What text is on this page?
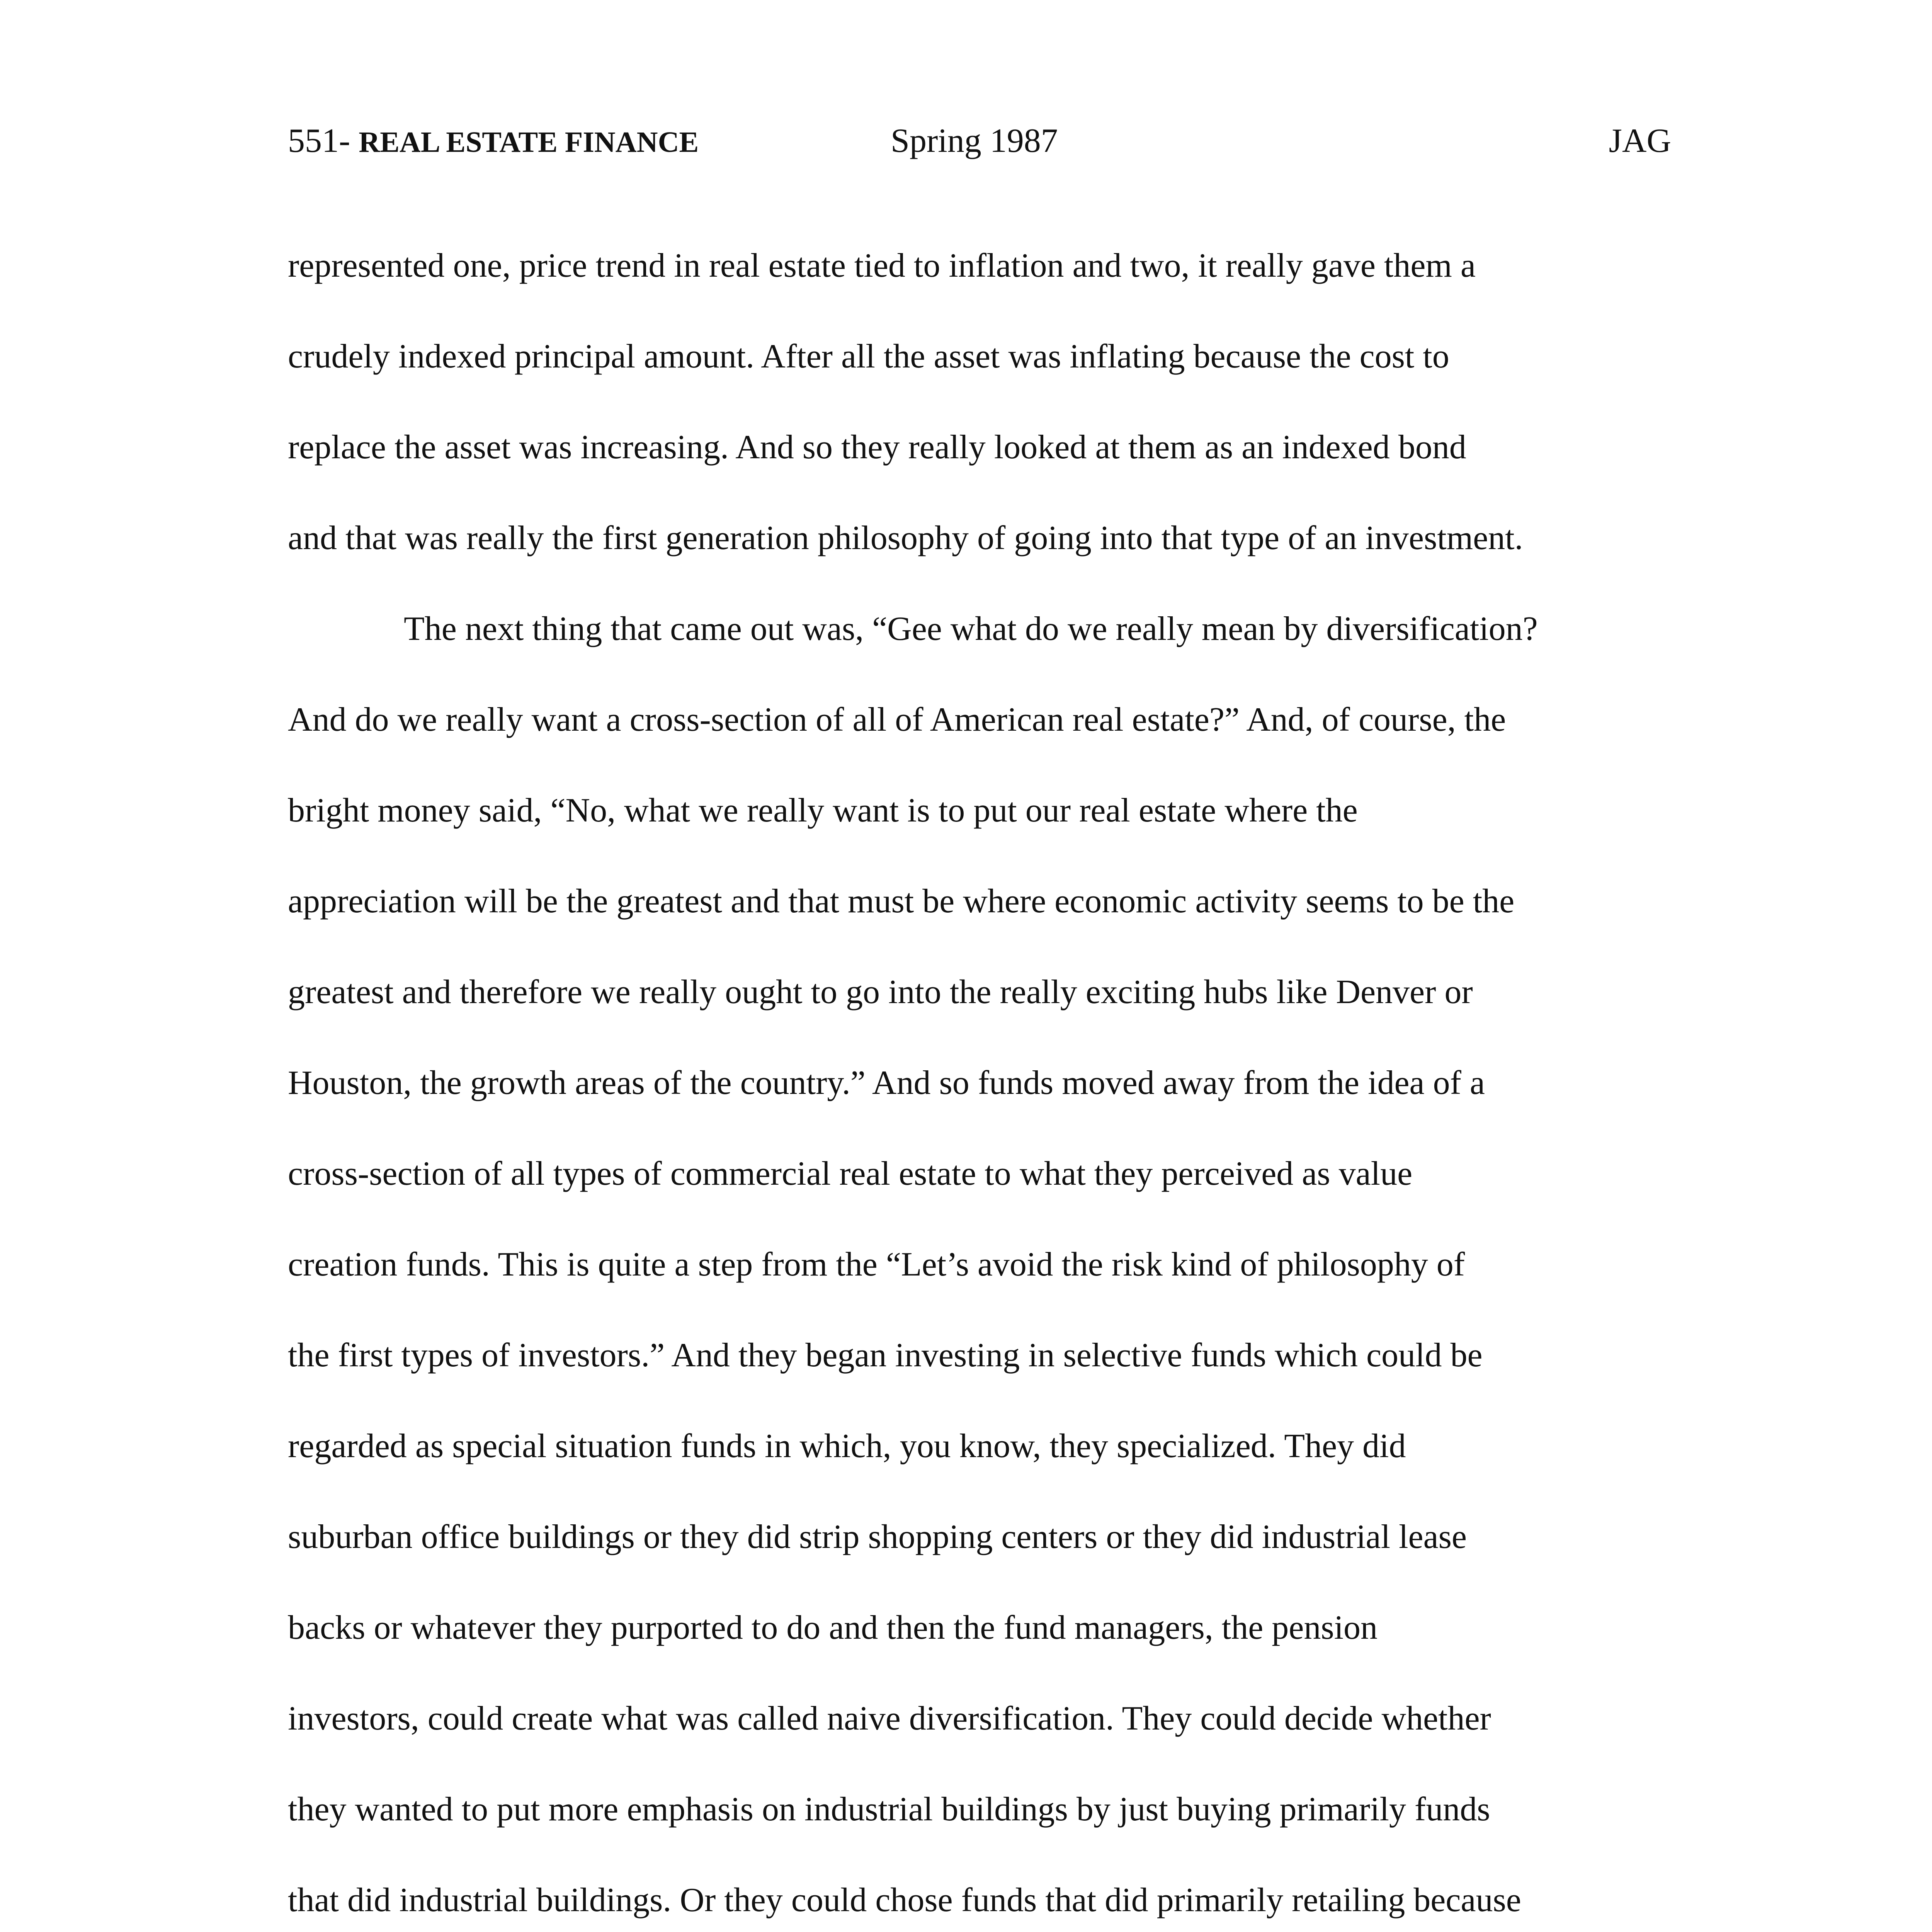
551- REAL ESTATE FINANCE	Spring 1987	JAG
represented one, price trend in real estate tied to inflation and two, it really gave them a
crudely indexed principal amount. After all the asset was inflating because the cost to
replace the asset was increasing. And so they really looked at them as an indexed bond
and that was really the first generation philosophy of going into that type of an investment.
The next thing that came out was, “Gee what do we really mean by diversification?
And do we really want a cross-section of all of American real estate?” And, of course, the
bright money said, “No, what we really want is to put our real estate where the
appreciation will be the greatest and that must be where economic activity seems to be the
greatest and therefore we really ought to go into the really exciting hubs like Denver or
Houston, the growth areas of the country.” And so funds moved away from the idea of a
cross-section of all types of commercial real estate to what they perceived as value
creation funds. This is quite a step from the “Let’s avoid the risk kind of philosophy of
the first types of investors.” And they began investing in selective funds which could be
regarded as special situation funds in which, you know, they specialized. They did
suburban office buildings or they did strip shopping centers or they did industrial lease
backs or whatever they purported to do and then the fund managers, the pension
investors, could create what was called naive diversification. They could decide whether
they wanted to put more emphasis on industrial buildings by just buying primarily funds
that did industrial buildings. Or they could chose funds that did primarily retailing because
